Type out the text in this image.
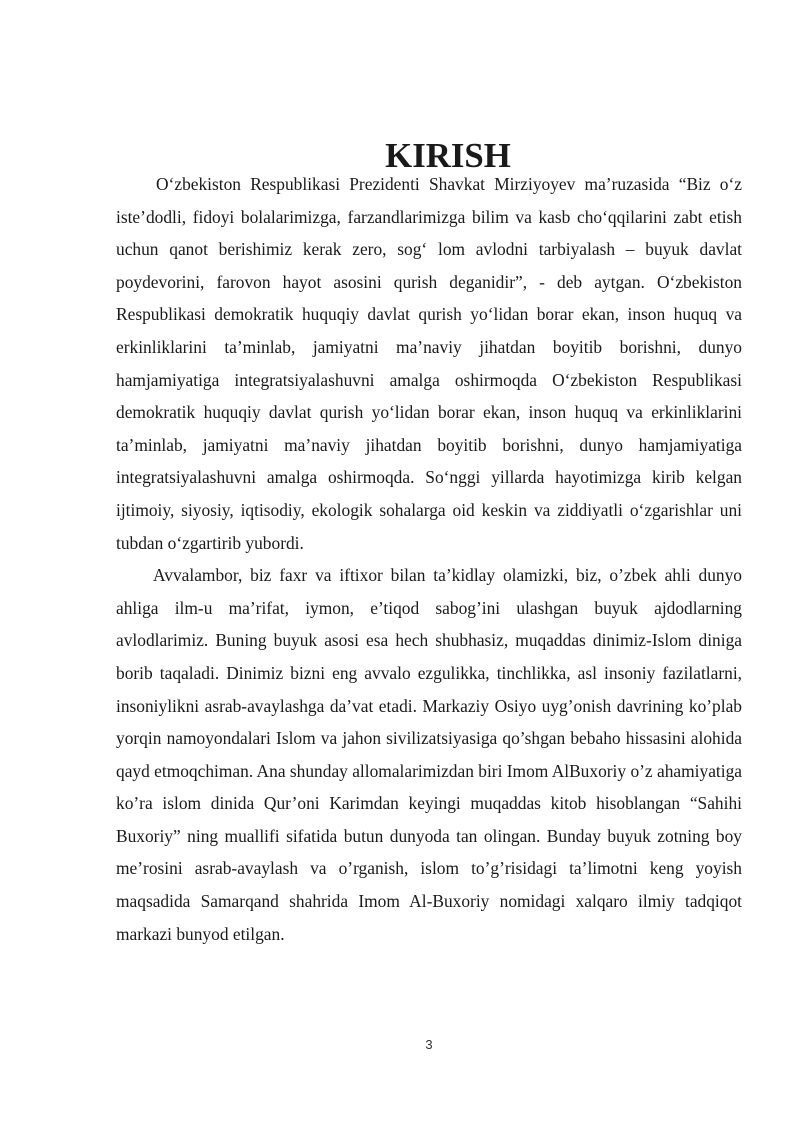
KIRISH

O‘zbekiston Respublikasi Prezidenti Shavkat Mirziyoyev ma’ruzasida “Biz o‘z iste’dodli, fidoyi bolalarimizga, farzandlarimizga bilim va kasb cho‘qqilarini zabt etish uchun qanot berishimiz kerak zero, sog‘ lom avlodni tarbiyalash – buyuk davlat poydevorini, farovon hayot asosini qurish deganidir”, - deb aytgan. O‘zbekiston Respublikasi demokratik huquqiy davlat qurish yo‘lidan borar ekan, inson huquq va erkinliklarini ta’minlab, jamiyatni ma’naviy jihatdan boyitib borishni, dunyo hamjamiyatiga integratsiyalashuvni amalga oshirmoqda O‘zbekiston Respublikasi demokratik huquqiy davlat qurish yo‘lidan borar ekan, inson huquq va erkinliklarini ta’minlab, jamiyatni ma’naviy jihatdan boyitib borishni, dunyo hamjamiyatiga integratsiyalashuvni amalga oshirmoqda. So‘nggi yillarda hayotimizga kirib kelgan ijtimoiy, siyosiy, iqtisodiy, ekologik sohalarga oid keskin va ziddiyatli o‘zgarishlar uni tubdan o‘zgartirib yubordi.

Avvalambor, biz faxr va iftixor bilan ta’kidlay olamizki, biz, o’zbek ahli dunyo ahliga ilm-u ma’rifat, iymon, e’tiqod sabog’ini ulashgan buyuk ajdodlarning avlodlarimiz. Buning buyuk asosi esa hech shubhasiz, muqaddas dinimiz-Islom diniga borib taqaladi. Dinimiz bizni eng avvalo ezgulikka, tinchlikka, asl insoniy fazilatlarni, insoniylikni asrab-avaylashga da’vat etadi. Markaziy Osiyo uyg’onish davrining ko’plab yorqin namoyondalari Islom va jahon sivilizatsiyasiga qo’shgan bebaho hissasini alohida qayd etmoqchiman. Ana shunday allomalarimizdan biri Imom AlBuxoriy o’z ahamiyatiga ko’ra islom dinida Qur’oni Karimdan keyingi muqaddas kitob hisoblangan “Sahihi Buxoriy” ning muallifi sifatida butun dunyoda tan olingan. Bunday buyuk zotning boy me’rosini asrab-avaylash va o’rganish, islom to’g’risidagi ta’limotni keng yoyish maqsadida Samarqand shahrida Imom Al-Buxoriy nomidagi xalqaro ilmiy tadqiqot markazi bunyod etilgan.

3
